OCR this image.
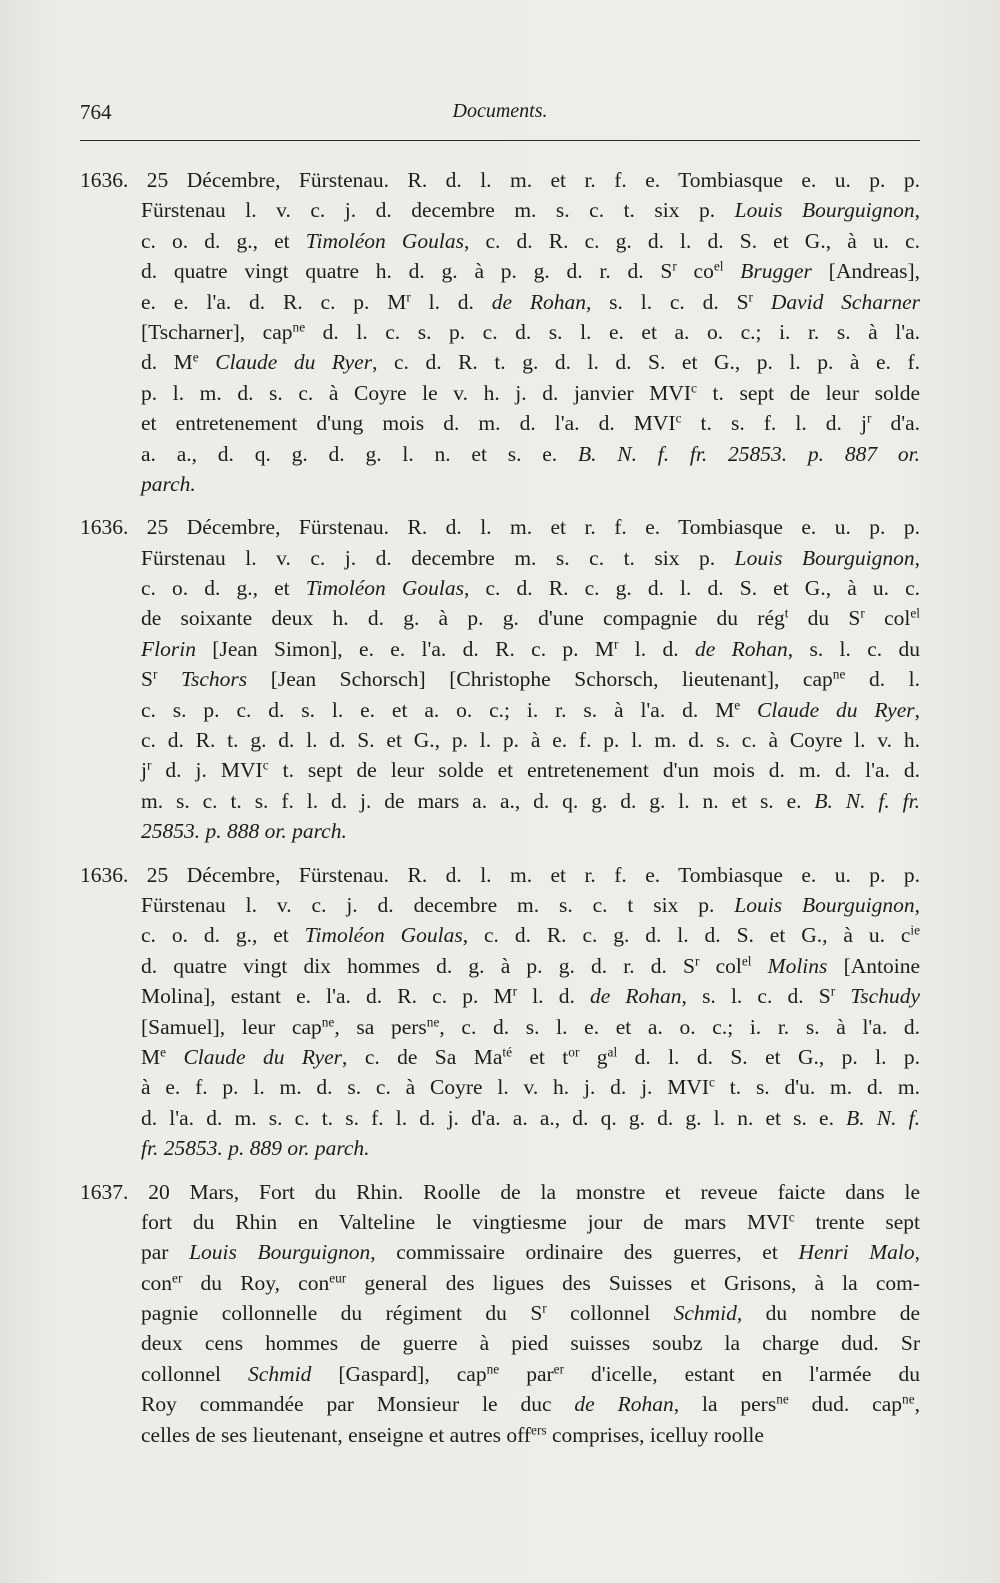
764	Documents.
1636. 25 Décembre, Fürstenau. R. d. l. m. et r. f. e. Tombiasque e. u. p. p.
Fürstenau l. v. c. j. d. decembre m. s. c. t. six p. Louis Bourguignon,
c. o. d. g., et Timoléon Goulas, c. d. R. c. g. d. l. d. S. et G., à u. c.
d. quatre vingt quatre h. d. g. à p. g. d. r. d. $S^r$ $co^{el}$ Brugger [Andreas],
e. e. l'a. d. R. c. p. $M^r$ l. d. de Rohan, s. l. c. d. $S^r$ David Scharner
[Tscharner], cap$^{ne}$ d. l. c. s. p. c. d. s. l. e. et a. o. c.; i. r. s. à l'a.
d. Me Claude du Ryer, c. d. R. t. g. d. l. d. S. et G., p. l. p. à e. f.
p. l. m. d. s. c. à Coyre le v. h. j. d. janvier MVI$^c$ t. sept de leur solde
et entretenement d'ung mois d. m. d. l'a. d. MVI$^c$ t. s. f. l. d. $j^r$ d'a.
a. a., d. q. g. d. g. l. n. et s. e. B. N. f. fr. 25853. p. 887 or.
parch.
1636. 25 Décembre, Fürstenau. R. d. l. m. et r. f. e. Tombiasque e. u. p. p.
Fürstenau l. v. c. j. d. decembre m. s. c. t. six p. Louis Bourguignon,
c. o. d. g., et Timoléon Goulas, c. d. R. c. g. d. l. d. S. et G., à u. c.
de soixante deux h. d. g. à p. g. d'une compagnie du rég$^t$ du $S^r$ col$^{el}$
Florin [Jean Simon], e. e. l'a. d. R. c. p. $M^r$ l. d. de Rohan, s. l. c. du
$S^r$ Tschors [Jean Schorsch] [Christophe Schorsch, lieutenant], cap$^{ne}$ d. l.
c. s. p. c. d. s. l. e. et a. o. c.; i. r. s. à l'a. d. Me Claude du Ryer,
c. d. R. t. g. d. l. d. S. et G., p. l. p. à e. f. p. l. m. d. s. c. à Coyre l. v. h.
$j^r$ d. j. MVI$^c$ t. sept de leur solde et entretenement d'un mois d. m. d. l'a. d.
m. s. c. t. s. f. l. d. j. de mars a. a., d. q. g. d. g. l. n. et s. e. B. N. f. fr.
25853. p. 888 or. parch.
1636. 25 Décembre, Fürstenau. R. d. l. m. et r. f. e. Tombiasque e. u. p. p.
Fürstenau l. v. c. j. d. decembre m. s. c. t six p. Louis Bourguignon,
c. o. d. g., et Timoléon Goulas, c. d. R. c. g. d. l. d. S. et G., à u. $c^{ie}$
d. quatre vingt dix hommes d. g. à p. g. d. r. d. $S^r$ col$^{el}$ Molins [Antoine
Molina], estant e. l'a. d. R. c. p. $M^r$ l. d. de Rohan, s. l. c. d. $S^r$ Tschudy
[Samuel], leur cap$^{ne}$, sa pers$^{ne}$, c. d. s. l. e. et a. o. c.; i. r. s. à l'a. d.
Me Claude du Ryer, c. de Sa $Ma^{té}$ et $t^{or}$ $g^{al}$ d. l. d. S. et G., p. l. p.
à e. f. p. l. m. d. s. c. à Coyre l. v. h. j. d. j. MVI$^c$ t. s. d'u. m. d. m.
d. l'a. d. m. s. c. t. s. f. l. d. j. d'a. a. a., d. q. g. d. g. l. n. et s. e. B. N. f.
fr. 25853. p. 889 or. parch.
1637. 20 Mars, Fort du Rhin. Roolle de la monstre et reveue faicte dans le
fort du Rhin en Valteline le vingtiesme jour de mars MVI$^c$ trente sept
par Louis Bourguignon, commissaire ordinaire des guerres, et Henri Malo,
con$^{er}$ du Roy, con$^{eur}$ general des ligues des Suisses et Grisons, à la com-
pagnie collonnelle du régiment du $S^r$ collonnel Schmid, du nombre de
deux cens hommes de guerre à pied suisses soubz la charge dud. Sr
collonnel Schmid [Gaspard], cap$^{ne}$ par$^{er}$ d'icelle, estant en l'armée du
Roy commandée par Monsieur le duc de Rohan, la pers$^{ne}$ dud. cap$^{ne}$,
celles de ses lieutenant, enseigne et autres off$^{ers}$ comprises, icelluy roolle
